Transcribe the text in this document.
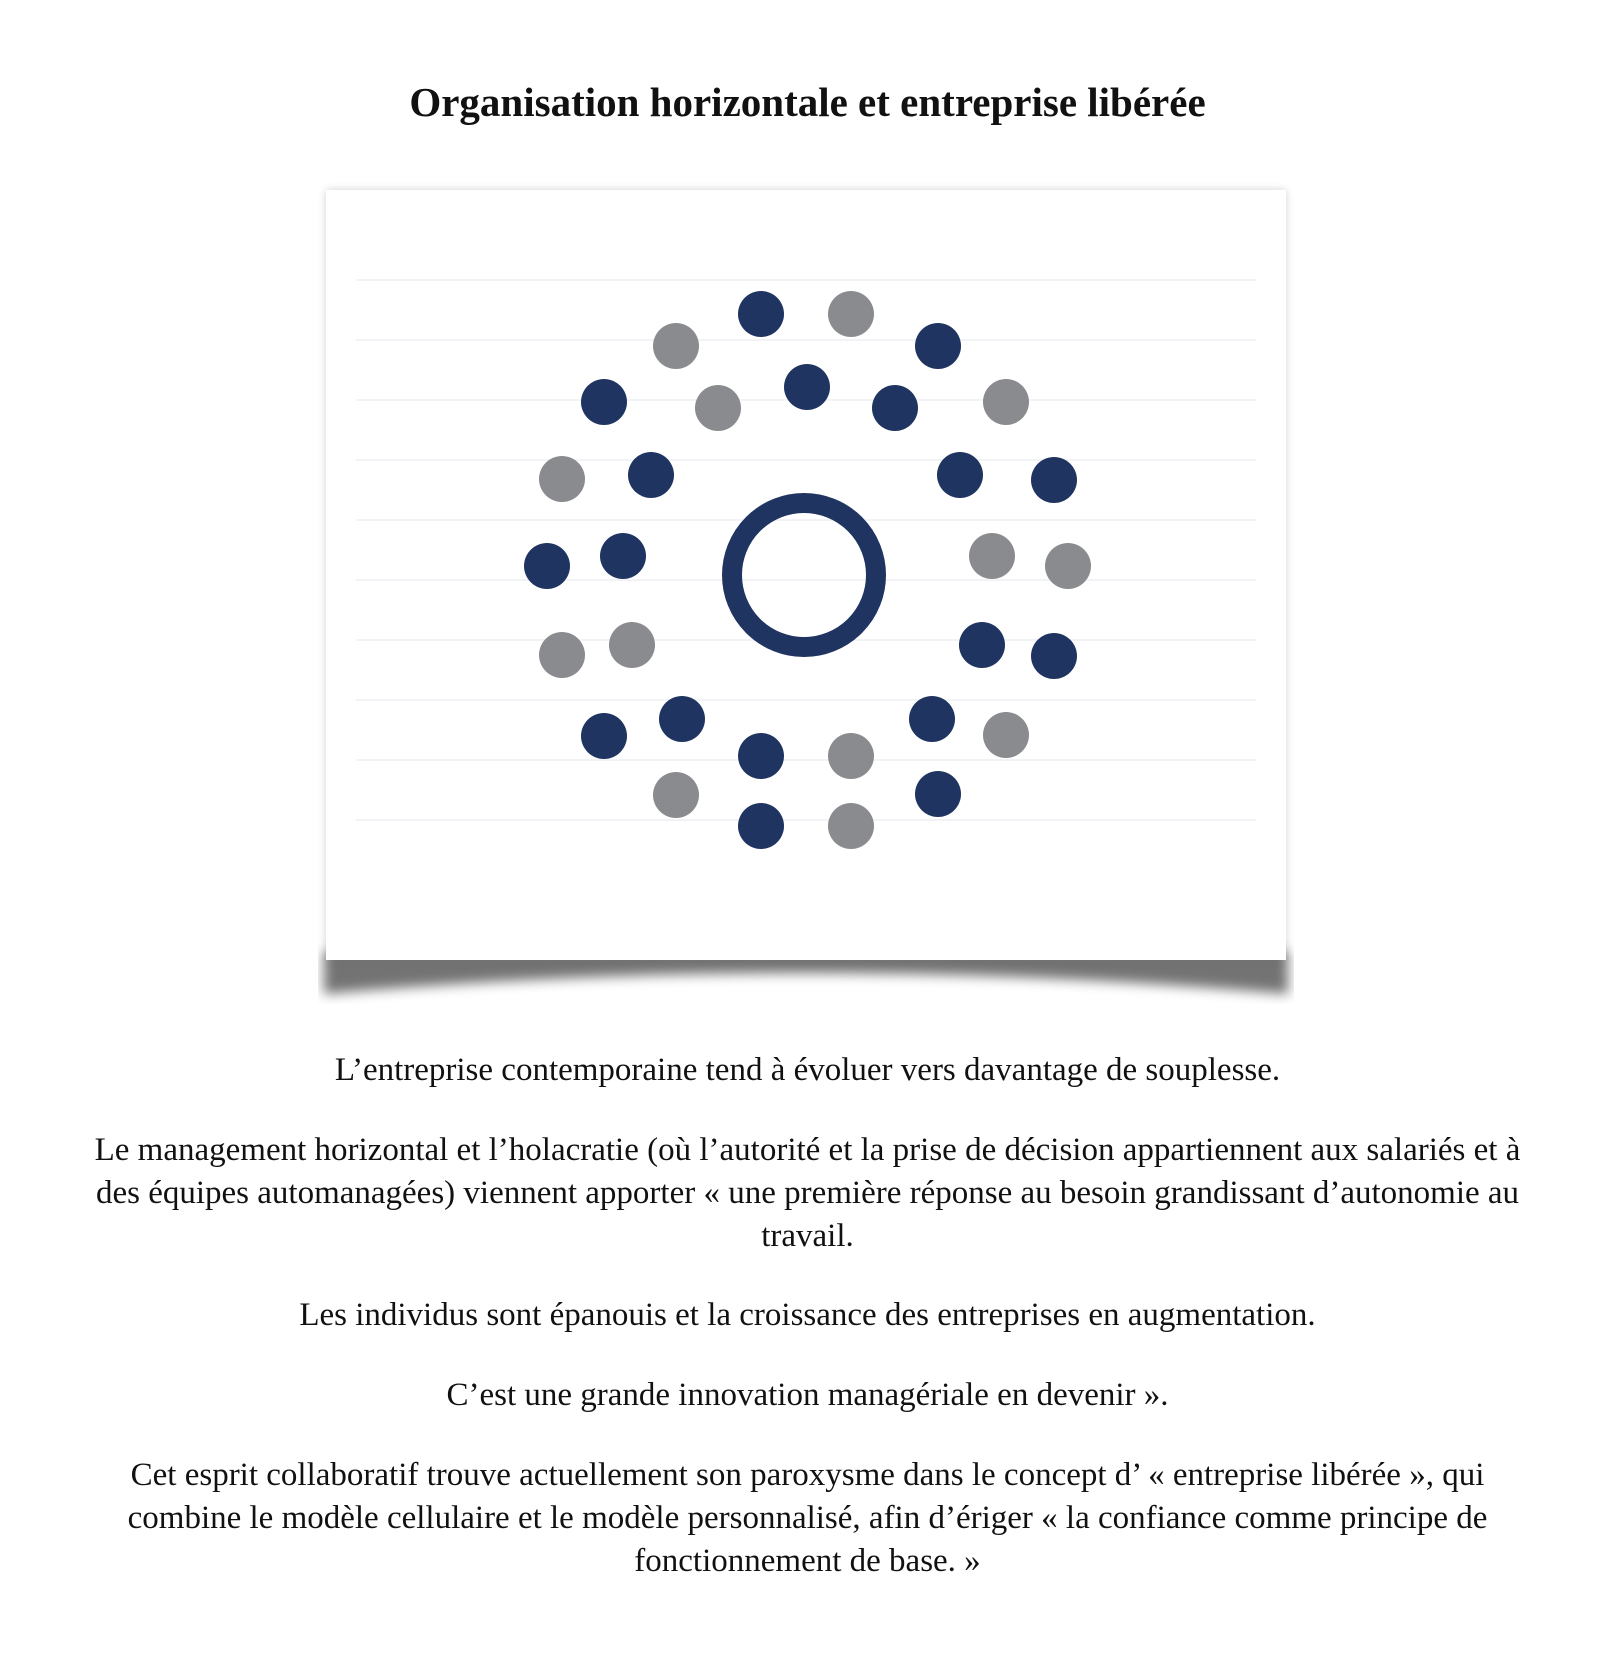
Organisation horizontale et entreprise libérée

L’entreprise contemporaine tend à évoluer vers davantage de souplesse.

Le management horizontal et l’holacratie (où l’autorité et la prise de décision appartiennent aux salariés et à des équipes automanagées) viennent apporter « une première réponse au besoin grandissant d’autonomie au travail.

Les individus sont épanouis et la croissance des entreprises en augmentation.

C’est une grande innovation managériale en devenir ».

Cet esprit collaboratif trouve actuellement son paroxysme dans le concept d’ « entreprise libérée », qui combine le modèle cellulaire et le modèle personnalisé, afin d’ériger « la confiance comme principe de fonctionnement de base. »
